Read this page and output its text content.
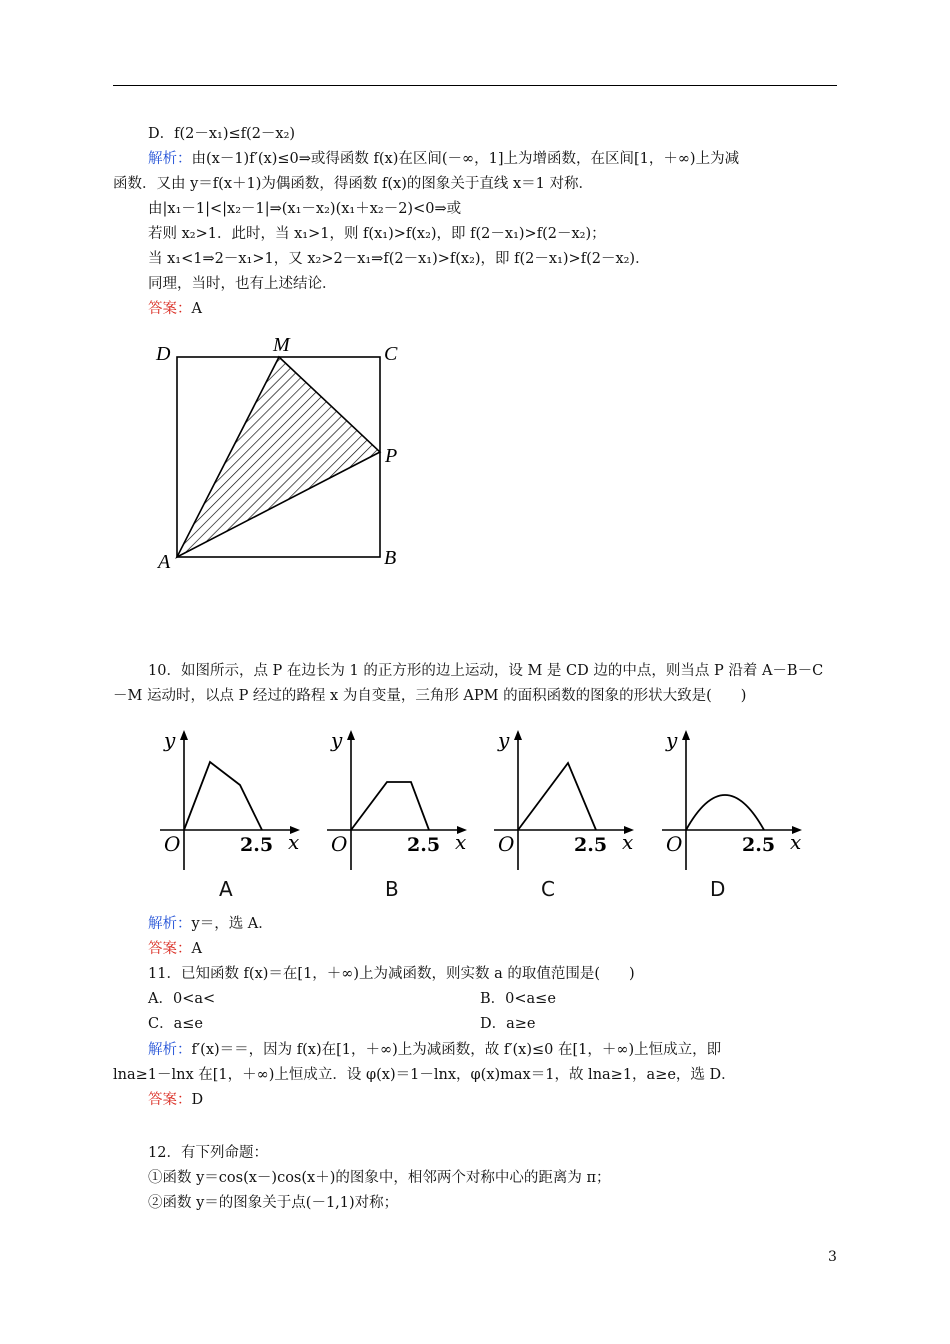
D．f(2－x₁)≤f(2－x₂)
解析：由(x－1)f′(x)≤0⇒或得函数 f(x)在区间(－∞，1]上为增函数，在区间[1，＋∞)上为减
函数．又由 y＝f(x＋1)为偶函数，得函数 f(x)的图象关于直线 x＝1 对称．
由|x₁－1|<|x₂－1|⇒(x₁－x₂)(x₁＋x₂－2)<0⇒或
若则 x₂>1．此时，当 x₁>1，则 f(x₁)>f(x₂)，即 f(2－x₁)>f(2－x₂)；
当 x₁<1⇒2－x₁>1，又 x₂>2－x₁⇒f(2－x₁)>f(x₂)，即 f(2－x₁)>f(2－x₂)．
同理，当时，也有上述结论．
答案：A
D	M	C
P
A	B
10．如图所示，点 P 在边长为 1 的正方形的边上运动，设 M 是 CD 边的中点，则当点 P 沿着 A－B－C
－M 运动时，以点 P 经过的路程 x 为自变量，三角形 APM 的面积函数的图象的形状大致是(　　)
y
O	2.5 x
A
y
O	2.5 x
B
y
O	2.5 x
C
y
O	2.5 x
D
解析：y＝，选 A．
答案：A
11．已知函数 f(x)＝在[1，＋∞)上为减函数，则实数 a 的取值范围是(　　)
A．0<a<	B．0<a≤e
C．a≤e	D．a≥e
解析：f′(x)＝＝，因为 f(x)在[1，＋∞)上为减函数，故 f′(x)≤0 在[1，＋∞)上恒成立，即
lna≥1－lnx 在[1，＋∞)上恒成立．设 φ(x)＝1－lnx，φ(x)max＝1，故 lna≥1，a≥e，选 D．
答案：D
12．有下列命题：
①函数 y＝cos(x－)cos(x＋)的图象中，相邻两个对称中心的距离为 π；
②函数 y＝的图象关于点(－1,1)对称；
3
